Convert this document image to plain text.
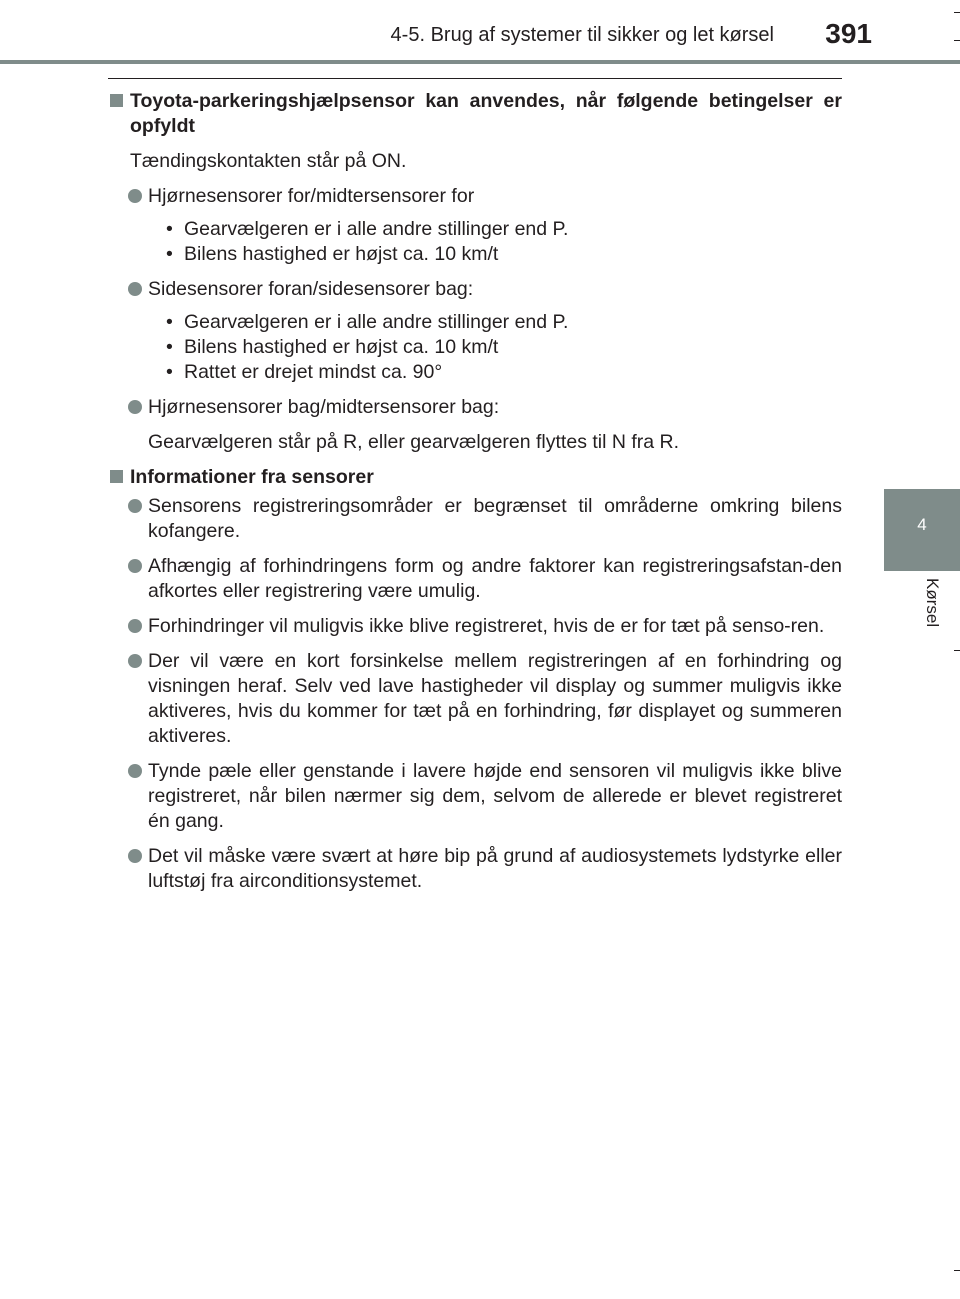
4-5. Brug af systemer til sikker og let kørsel 391
4
Kørsel
Toyota-parkeringshjælpsensor kan anvendes, når følgende betingelser er opfyldt
Tændingskontakten står på ON.
Hjørnesensorer for/midtersensorer for
• Gearvælgeren er i alle andre stillinger end P.
• Bilens hastighed er højst ca. 10 km/t
Sidesensorer foran/sidesensorer bag:
• Gearvælgeren er i alle andre stillinger end P.
• Bilens hastighed er højst ca. 10 km/t
• Rattet er drejet mindst ca. 90°
Hjørnesensorer bag/midtersensorer bag:
Gearvælgeren står på R, eller gearvælgeren flyttes til N fra R.
Informationer fra sensorer
Sensorens registreringsområder er begrænset til områderne omkring bilens kofangere.
Afhængig af forhindringens form og andre faktorer kan registreringsafstan-den afkortes eller registrering være umulig.
Forhindringer vil muligvis ikke blive registreret, hvis de er for tæt på senso-ren.
Der vil være en kort forsinkelse mellem registreringen af en forhindring og visningen heraf. Selv ved lave hastigheder vil display og summer muligvis ikke aktiveres, hvis du kommer for tæt på en forhindring, før displayet og summeren aktiveres.
Tynde pæle eller genstande i lavere højde end sensoren vil muligvis ikke blive registreret, når bilen nærmer sig dem, selvom de allerede er blevet registreret én gang.
Det vil måske være svært at høre bip på grund af audiosystemets lydstyrke eller luftstøj fra airconditionsystemet.
